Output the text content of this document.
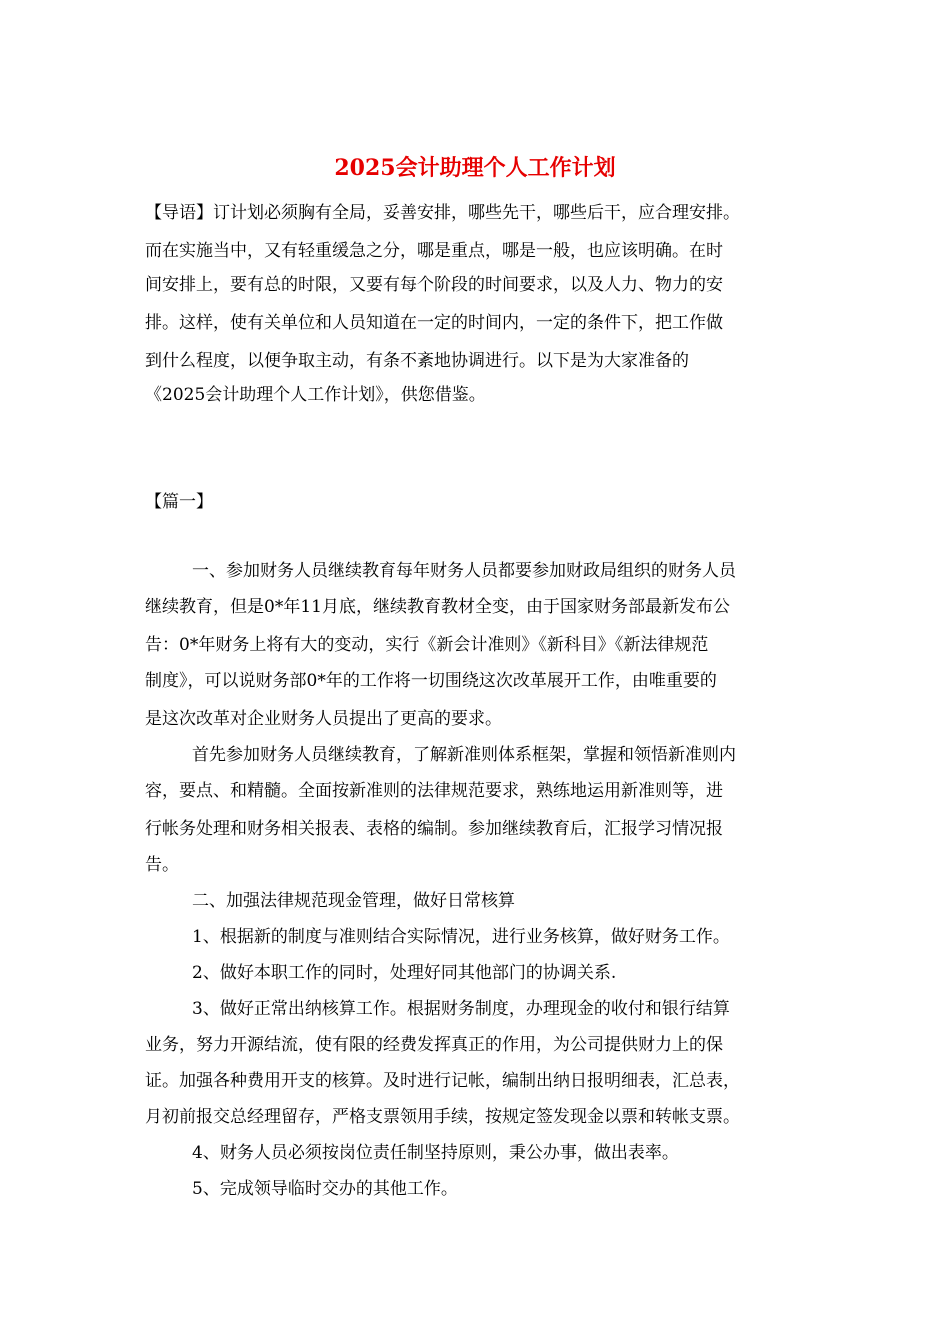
2025会计助理个人工作计划
【导语】订计划必须胸有全局，妥善安排，哪些先干，哪些后干，应合理安排。
而在实施当中，又有轻重缓急之分，哪是重点，哪是一般，也应该明确。在时
间安排上，要有总的时限，又要有每个阶段的时间要求，以及人力、物力的安
排。这样，使有关单位和人员知道在一定的时间内，一定的条件下，把工作做
到什么程度，以便争取主动，有条不紊地协调进行。以下是为大家准备的
《2025会计助理个人工作计划》，供您借鉴。
【篇一】
一、参加财务人员继续教育每年财务人员都要参加财政局组织的财务人员
继续教育，但是0*年11月底，继续教育教材全变，由于国家财务部最新发布公
告：0*年财务上将有大的变动，实行《新会计准则》《新科目》《新法律规范
制度》，可以说财务部0*年的工作将一切围绕这次改革展开工作，由唯重要的
是这次改革对企业财务人员提出了更高的要求。
首先参加财务人员继续教育，了解新准则体系框架，掌握和领悟新准则内
容，要点、和精髓。全面按新准则的法律规范要求，熟练地运用新准则等，进
行帐务处理和财务相关报表、表格的编制。参加继续教育后，汇报学习情况报
告。
二、加强法律规范现金管理，做好日常核算
1、根据新的制度与准则结合实际情况，进行业务核算，做好财务工作。
2、做好本职工作的同时，处理好同其他部门的协调关系.
3、做好正常出纳核算工作。根据财务制度，办理现金的收付和银行结算
业务，努力开源结流，使有限的经费发挥真正的作用，为公司提供财力上的保
证。加强各种费用开支的核算。及时进行记帐，编制出纳日报明细表，汇总表，
月初前报交总经理留存，严格支票领用手续，按规定签发现金以票和转帐支票。
4、财务人员必须按岗位责任制坚持原则，秉公办事，做出表率。
5、完成领导临时交办的其他工作。
